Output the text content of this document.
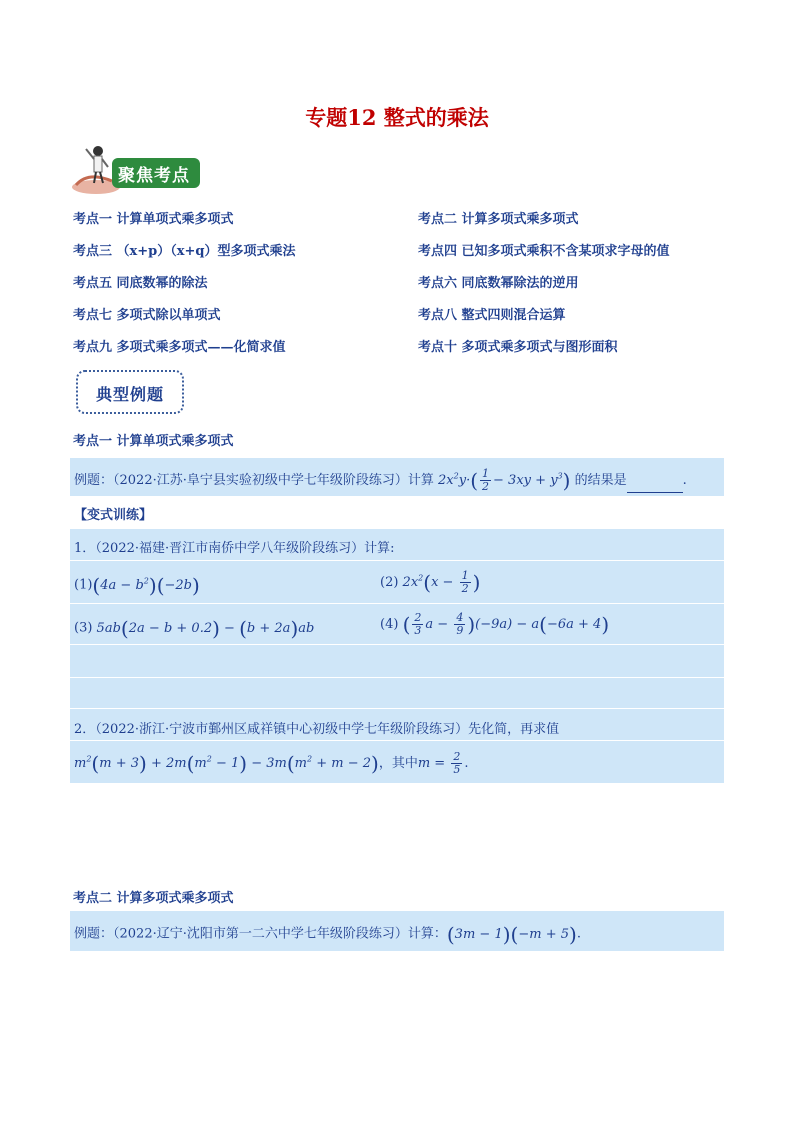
专题12 整式的乘法
聚焦考点
考点一 计算单项式乘多项式	考点二 计算多项式乘多项式
考点三 （x+p）（x+q）型多项式乘法	考点四 已知多项式乘积不含某项求字母的值
考点五 同底数幂的除法	考点六 同底数幂除法的逆用
考点七 多项式除以单项式	考点八 整式四则混合运算
考点九 多项式乘多项式——化简求值	考点十 多项式乘多项式与图形面积
典型例题
考点一 计算单项式乘多项式
例题：（2022·江苏·阜宁县实验初级中学七年级阶段练习）计算 $2x^2y\cdot( \frac{1}{2} - 3xy + y^3)$ 的结果是	.
【变式训练】
1．（2022·福建·晋江市南侨中学八年级阶段练习）计算:
$(1)(4a - b^2)(-2b)$	(2) $2x^2(x - \frac{1}{2}$ )
(3) 5ab(2a − b + 0.2) − (b + 2a)ab	(4) ( $\frac{2}{3}$ $a - \frac{4}{9} )(-9a) - a(-6a + 4)$
2．（2022·浙江·宁波市鄞州区咸祥镇中心初级中学七年级阶段练习）先化简，再求值
$m^2(m + 3) + 2m(m^2 - 1) - 3m(m^2 + m - 2)$，其中$m = \frac{2}{5}$ .
考点二 计算多项式乘多项式
例题：（2022·辽宁·沈阳市第一二六中学七年级阶段练习）计算：(3m − 1)(−m + 5).
